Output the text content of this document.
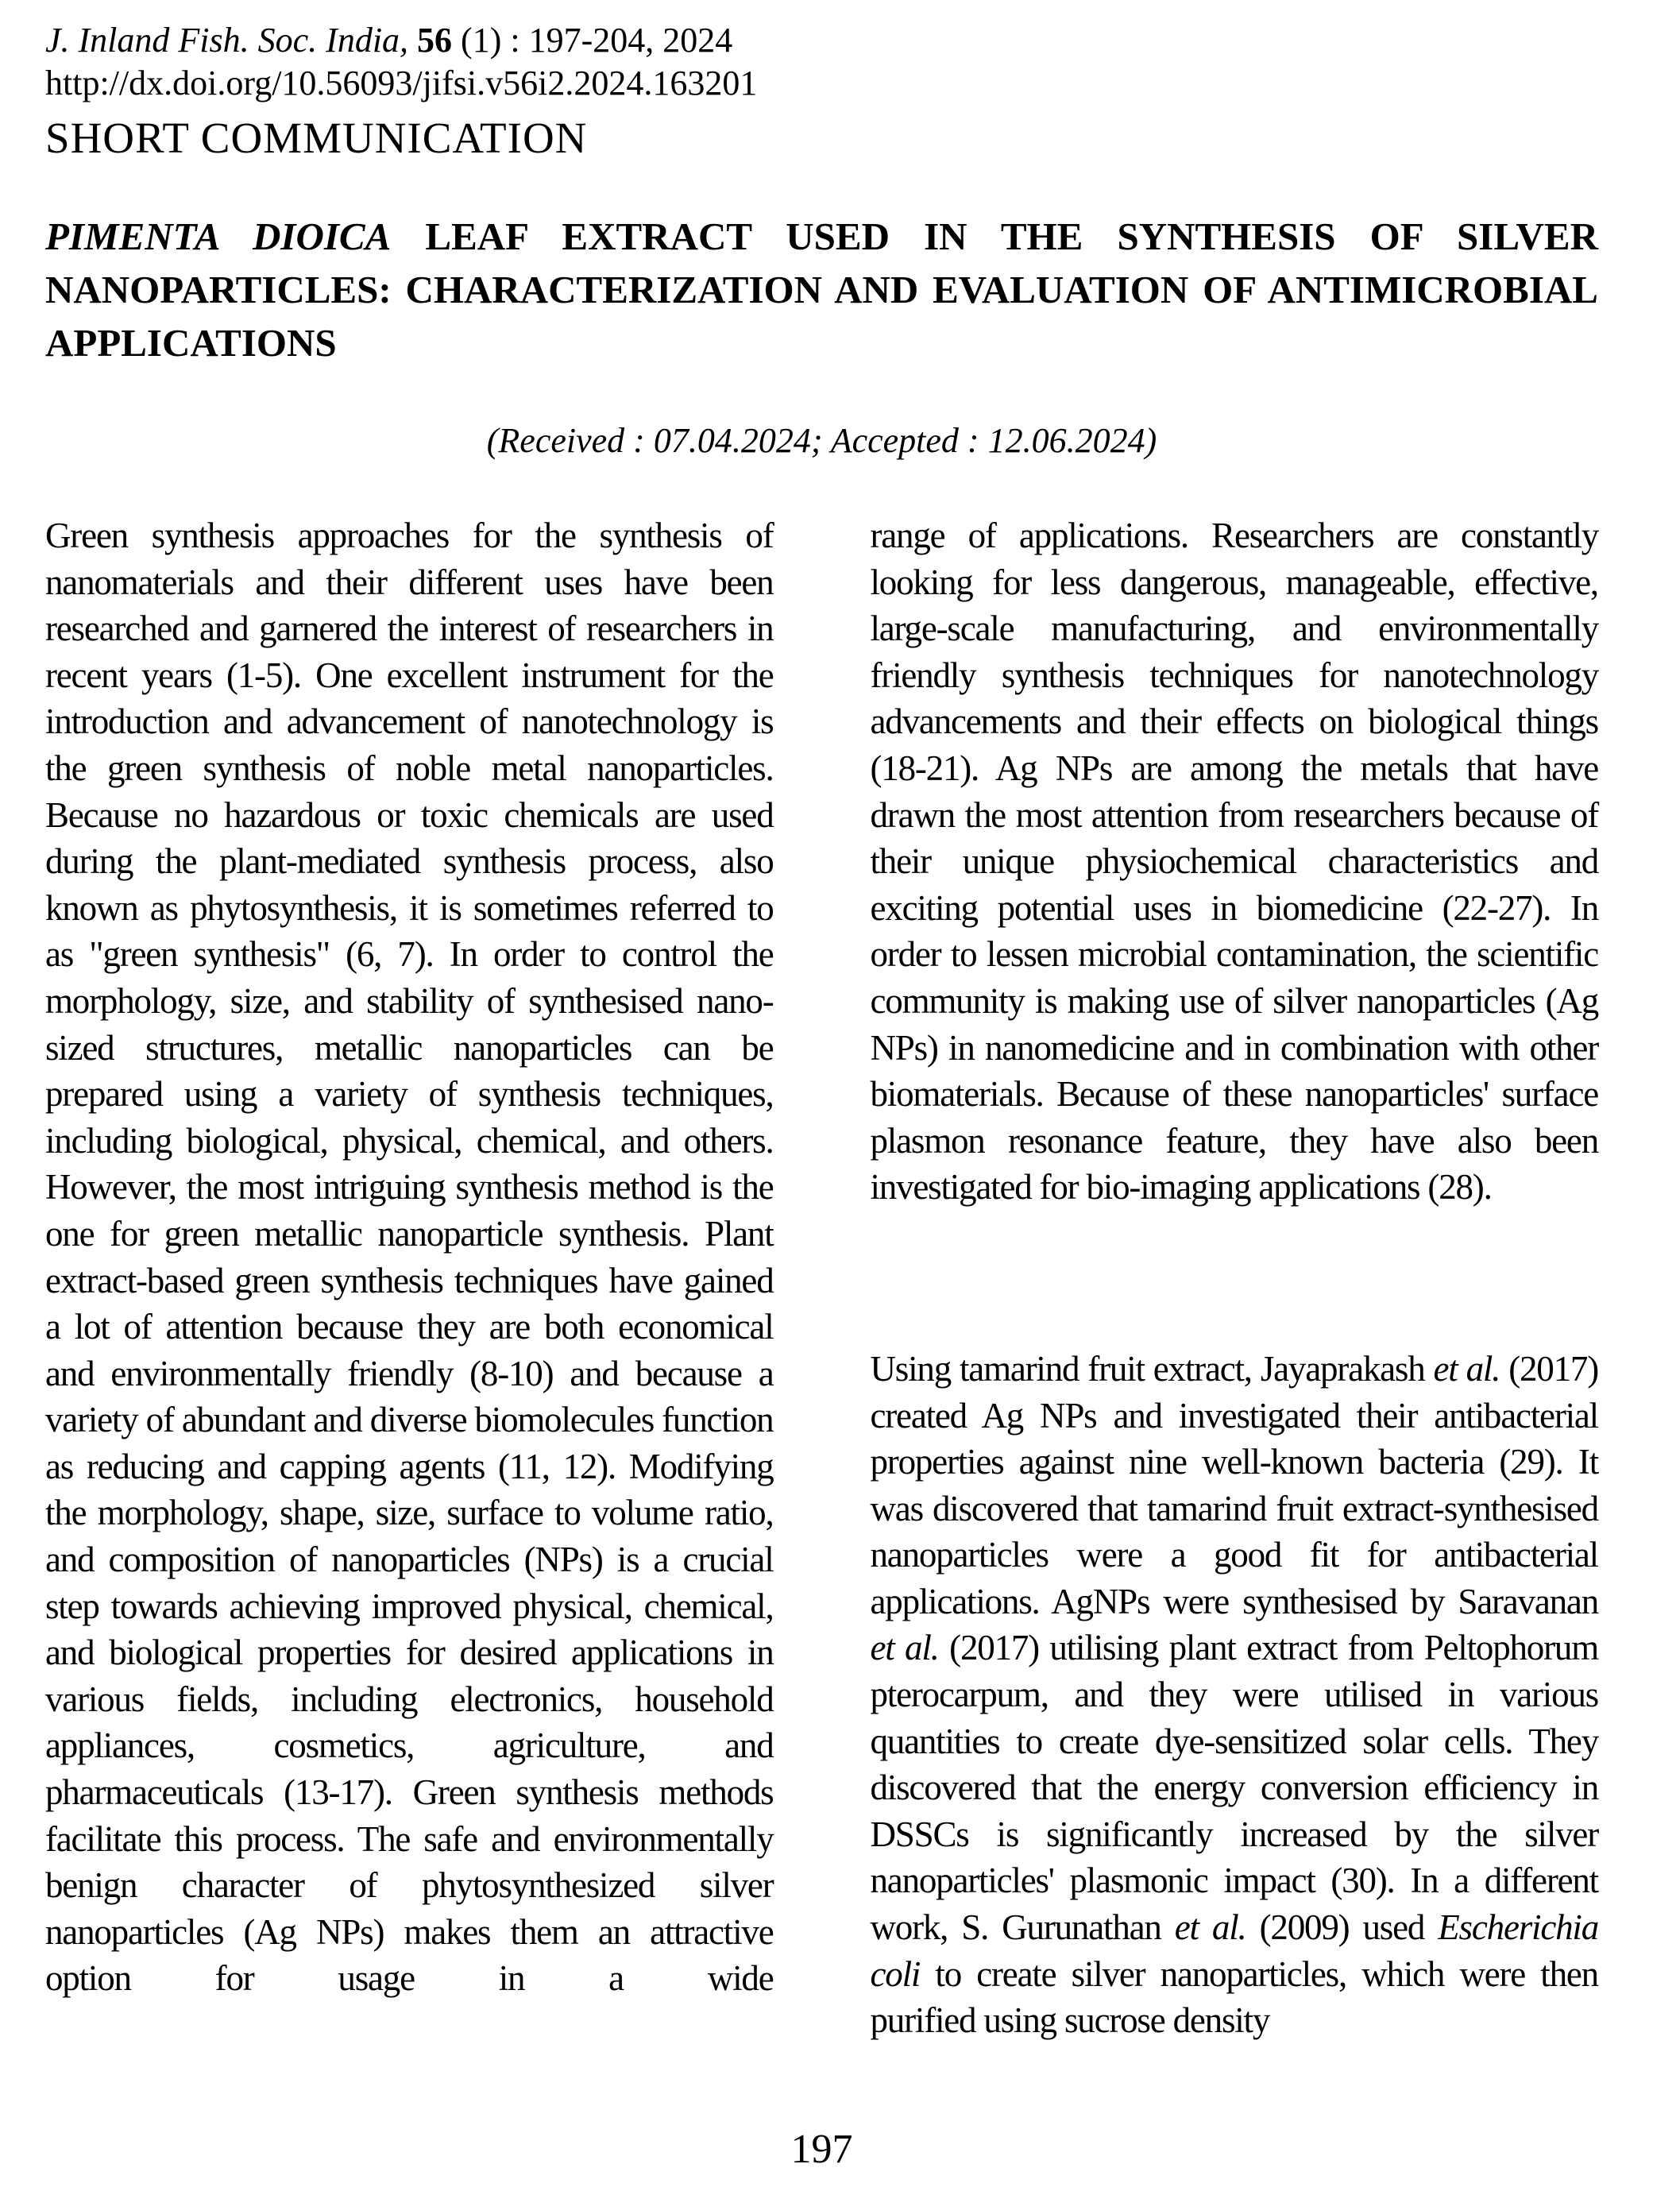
J. Inland Fish. Soc. India, 56 (1) : 197-204, 2024
http://dx.doi.org/10.56093/jifsi.v56i2.2024.163201
SHORT COMMUNICATION
PIMENTA DIOICA LEAF EXTRACT USED IN THE SYNTHESIS OF SILVER NANOPARTICLES: CHARACTERIZATION AND EVALUATION OF ANTIMICROBIAL APPLICATIONS
(Received : 07.04.2024; Accepted : 12.06.2024)

Green synthesis approaches for the synthesis of nanomaterials and their different uses have been researched and garnered the interest of researchers in recent years (1-5). One excellent instrument for the introduction and advancement of nanotechnology is the green synthesis of noble metal nanoparticles. Because no hazardous or toxic chemicals are used during the plant-mediated synthesis process, also known as phytosynthesis, it is sometimes referred to as "green synthesis" (6, 7). In order to control the morphology, size, and stability of synthesised nano-sized structures, metallic nanoparticles can be prepared using a variety of synthesis techniques, including biological, physical, chemical, and others. However, the most intriguing synthesis method is the one for green metallic nanoparticle synthesis. Plant extract-based green synthesis techniques have gained a lot of attention because they are both economical and environmentally friendly (8-10) and because a variety of abundant and diverse biomolecules function as reducing and capping agents (11, 12). Modifying the morphology, shape, size, surface to volume ratio, and composition of nanoparticles (NPs) is a crucial step towards achieving improved physical, chemical, and biological properties for desired applications in various fields, including electronics, household appliances, cosmetics, agriculture, and pharmaceuticals (13-17). Green synthesis methods facilitate this process. The safe and environmentally benign character of phytosynthesized silver nanoparticles (Ag NPs) makes them an attractive option for usage in a wide

range of applications. Researchers are constantly looking for less dangerous, manageable, effective, large-scale manufacturing, and environmentally friendly synthesis techniques for nanotechnology advancements and their effects on biological things (18-21). Ag NPs are among the metals that have drawn the most attention from researchers because of their unique physiochemical characteristics and exciting potential uses in biomedicine (22-27). In order to lessen microbial contamination, the scientific community is making use of silver nanoparticles (Ag NPs) in nanomedicine and in combination with other biomaterials. Because of these nanoparticles' surface plasmon resonance feature, they have also been investigated for bio-imaging applications (28).

Using tamarind fruit extract, Jayaprakash et al. (2017) created Ag NPs and investigated their antibacterial properties against nine well-known bacteria (29). It was discovered that tamarind fruit extract-synthesised nanoparticles were a good fit for antibacterial applications. AgNPs were synthesised by Saravanan et al. (2017) utilising plant extract from Peltophorum pterocarpum, and they were utilised in various quantities to create dye-sensitized solar cells. They discovered that the energy conversion efficiency in DSSCs is significantly increased by the silver nanoparticles' plasmonic impact (30). In a different work, S. Gurunathan et al. (2009) used Escherichia coli to create silver nanoparticles, which were then purified using sucrose density

197
